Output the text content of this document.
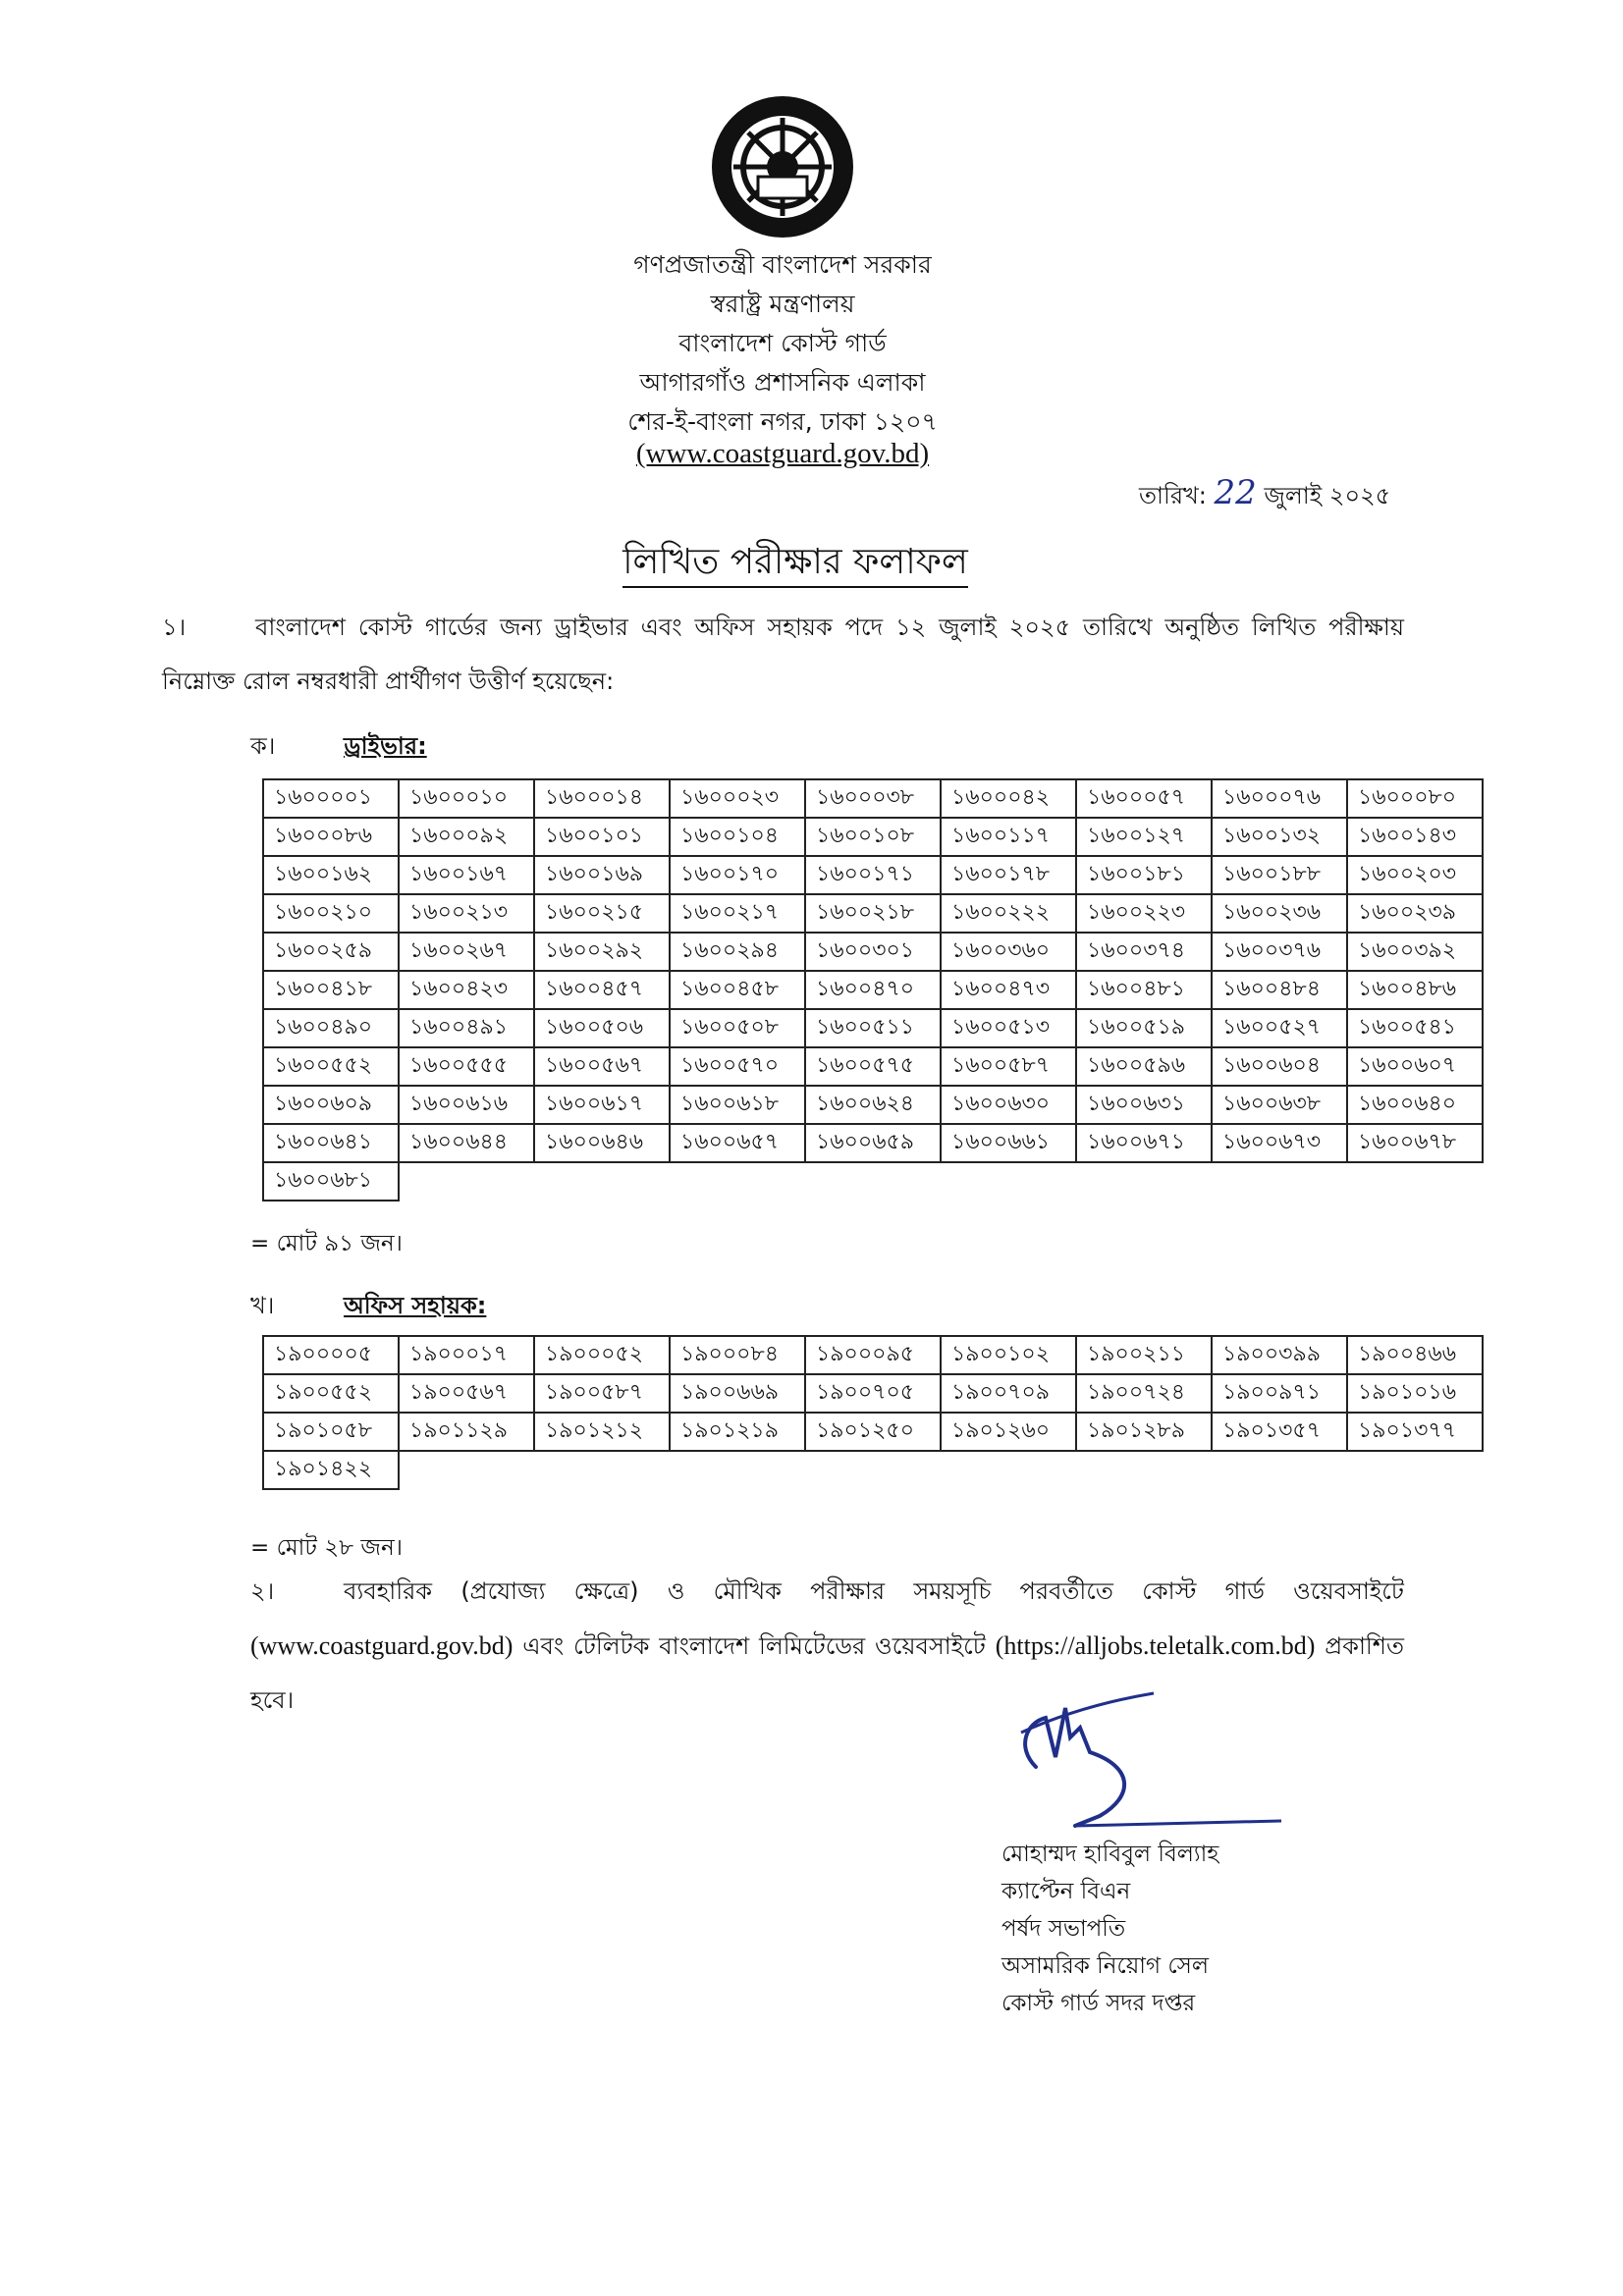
গণপ্রজাতন্ত্রী বাংলাদেশ সরকার
স্বরাষ্ট্র মন্ত্রণালয়
বাংলাদেশ কোস্ট গার্ড
আগারগাঁও প্রশাসনিক এলাকা
শের-ই-বাংলা নগর, ঢাকা ১২০৭
(www.coastguard.gov.bd)
তারিখ: 22 জুলাই ২০২৫
লিখিত পরীক্ষার ফলাফল
১।	বাংলাদেশ কোস্ট গার্ডের জন্য ড্রাইভার এবং অফিস সহায়ক পদে ১২ জুলাই ২০২৫ তারিখে অনুষ্ঠিত লিখিত পরীক্ষায় নিম্নোক্ত রোল নম্বরধারী প্রার্থীগণ উত্তীর্ণ হয়েছেন:
ক।	ড্রাইভার:
১৬০০০০১	১৬০০০১০	১৬০০০১৪	১৬০০০২৩	১৬০০০৩৮	১৬০০০৪২	১৬০০০৫৭	১৬০০০৭৬	১৬০০০৮০
১৬০০০৮৬	১৬০০০৯২	১৬০০১০১	১৬০০১০৪	১৬০০১০৮	১৬০০১১৭	১৬০০১২৭	১৬০০১৩২	১৬০০১৪৩
১৬০০১৬২	১৬০০১৬৭	১৬০০১৬৯	১৬০০১৭০	১৬০০১৭১	১৬০০১৭৮	১৬০০১৮১	১৬০০১৮৮	১৬০০২০৩
১৬০০২১০	১৬০০২১৩	১৬০০২১৫	১৬০০২১৭	১৬০০২১৮	১৬০০২২২	১৬০০২২৩	১৬০০২৩৬	১৬০০২৩৯
১৬০০২৫৯	১৬০০২৬৭	১৬০০২৯২	১৬০০২৯৪	১৬০০৩০১	১৬০০৩৬০	১৬০০৩৭৪	১৬০০৩৭৬	১৬০০৩৯২
১৬০০৪১৮	১৬০০৪২৩	১৬০০৪৫৭	১৬০০৪৫৮	১৬০০৪৭০	১৬০০৪৭৩	১৬০০৪৮১	১৬০০৪৮৪	১৬০০৪৮৬
১৬০০৪৯০	১৬০০৪৯১	১৬০০৫০৬	১৬০০৫০৮	১৬০০৫১১	১৬০০৫১৩	১৬০০৫১৯	১৬০০৫২৭	১৬০০৫৪১
১৬০০৫৫২	১৬০০৫৫৫	১৬০০৫৬৭	১৬০০৫৭০	১৬০০৫৭৫	১৬০০৫৮৭	১৬০০৫৯৬	১৬০০৬০৪	১৬০০৬০৭
১৬০০৬০৯	১৬০০৬১৬	১৬০০৬১৭	১৬০০৬১৮	১৬০০৬২৪	১৬০০৬৩০	১৬০০৬৩১	১৬০০৬৩৮	১৬০০৬৪০
১৬০০৬৪১	১৬০০৬৪৪	১৬০০৬৪৬	১৬০০৬৫৭	১৬০০৬৫৯	১৬০০৬৬১	১৬০০৬৭১	১৬০০৬৭৩	১৬০০৬৭৮
১৬০০৬৮১								
= মোট ৯১ জন।
খ।	অফিস সহায়ক:
১৯০০০০৫	১৯০০০১৭	১৯০০০৫২	১৯০০০৮৪	১৯০০০৯৫	১৯০০১০২	১৯০০২১১	১৯০০৩৯৯	১৯০০৪৬৬
১৯০০৫৫২	১৯০০৫৬৭	১৯০০৫৮৭	১৯০০৬৬৯	১৯০০৭০৫	১৯০০৭০৯	১৯০০৭২৪	১৯০০৯৭১	১৯০১০১৬
১৯০১০৫৮	১৯০১১২৯	১৯০১২১২	১৯০১২১৯	১৯০১২৫০	১৯০১২৬০	১৯০১২৮৯	১৯০১৩৫৭	১৯০১৩৭৭
১৯০১৪২২								
= মোট ২৮ জন।
২।	ব্যবহারিক (প্রযোজ্য ক্ষেত্রে) ও মৌখিক পরীক্ষার সময়সূচি পরবর্তীতে কোস্ট গার্ড ওয়েবসাইটে (www.coastguard.gov.bd) এবং টেলিটক বাংলাদেশ লিমিটেডের ওয়েবসাইটে (https://alljobs.teletalk.com.bd) প্রকাশিত হবে।
মোহাম্মদ হাবিবুল বিল্যাহ
ক্যাপ্টেন বিএন
পর্ষদ সভাপতি
অসামরিক নিয়োগ সেল
কোস্ট গার্ড সদর দপ্তর
